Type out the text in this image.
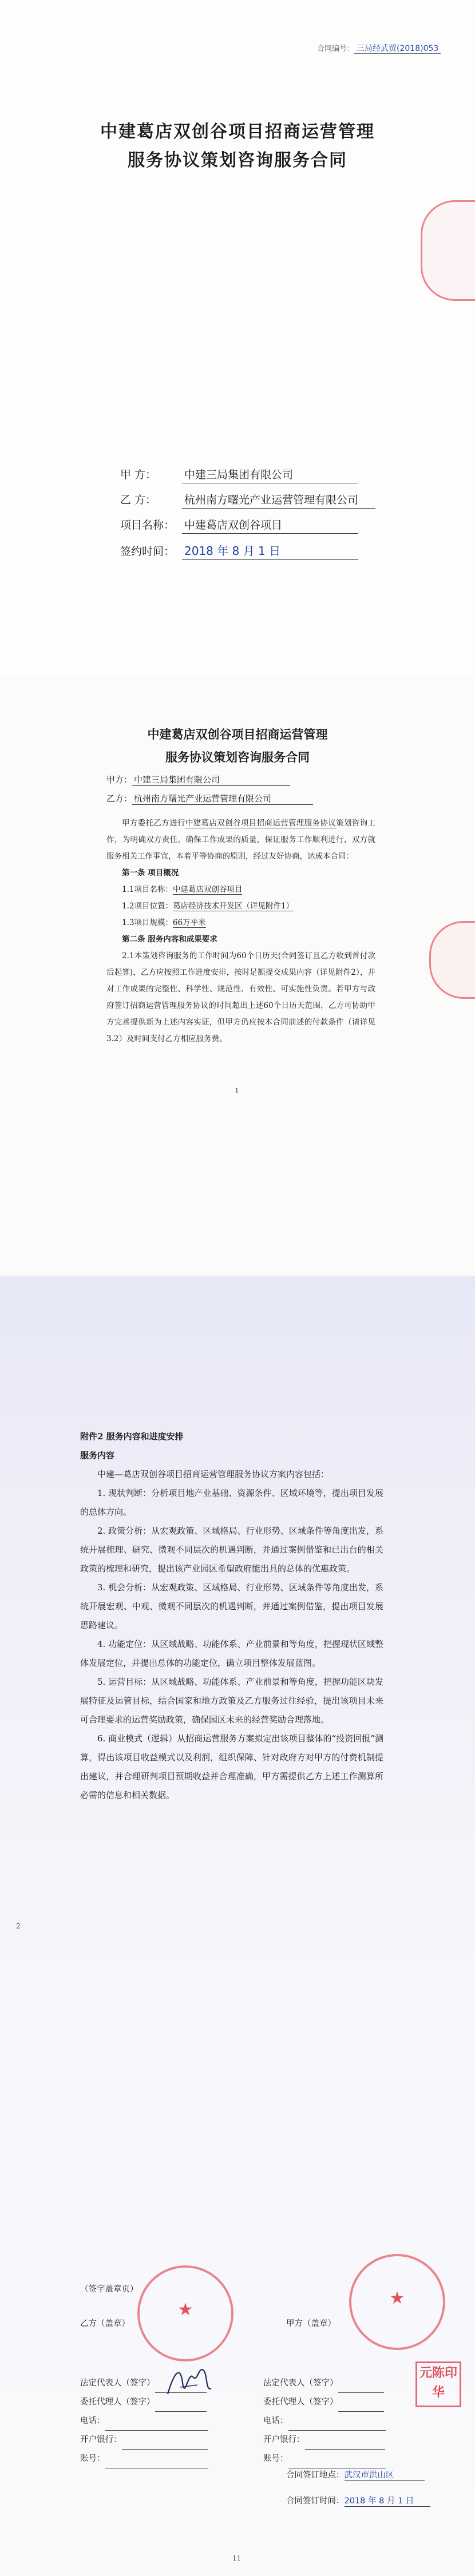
合同编号： 三局经武贸(2018)053
中建葛店双创谷项目招商运营管理
服务协议策划咨询服务合同
甲 方：	中建三局集团有限公司
乙 方：	杭州南方曙光产业运营管理有限公司
项目名称： 中建葛店双创谷项目
签约时间： 2018 年 8 月 1 日
中建葛店双创谷项目招商运营管理
服务协议策划咨询服务合同
甲方： 中建三局集团有限公司
乙方： 杭州南方曙光产业运营管理有限公司

甲方委托乙方进行中建葛店双创谷项目招商运营管理服务协议策划咨询工作，为明确双方责任，确保工作成果的质量，保证服务工作顺利进行，双方就服务相关工作事宜，本着平等协商的原则，经过友好协商，达成本合同：

第一条 项目概况

1.1项目名称：中建葛店双创谷项目

1.2项目位置：葛店经济技术开发区（详见附件1）

1.3项目规模：66万平米

第二条 服务内容和成果要求

2.1本策划咨询服务的工作时间为60个日历天(合同签订且乙方收到首付款后起算)，乙方应按照工作进度安排，按时足额提交成果内容（详见附件2），并对工作成果的完整性、科学性、规范性、有效性、可实施性负责。若甲方与政府签订招商运营管理服务协议的时间超出上述60个日历天范围，乙方可协助甲方完善提供新为上述内容实证，但甲方仍应按本合同前述的付款条件（请详见3.2）及时间支付乙方相应服务费。

1
2

附件2 服务内容和进度安排

服务内容

中建—葛店双创谷项目招商运营管理服务协议方案内容包括：

1. 现状判断：分析项目地产业基础、资源条件、区域环境等，提出项目发展的总体方向。

2. 政策分析：从宏观政策、区域格局、行业形势、区域条件等角度出发，系统开展梳理、研究、微观不同层次的机遇判断，并通过案例借鉴和已出台的相关政策的梳理和研究，提出该产业园区希望政府能出具的总体的优惠政策。

3. 机会分析：从宏观政策、区域格局、行业形势、区域条件等角度出发，系统开展宏观、中观、微观不同层次的机遇判断，并通过案例借鉴，提出项目发展思路建议。

4. 功能定位：从区域战略、功能体系、产业前景和等角度，把握现状区域整体发展定位，并提出总体的功能定位，确立项目整体发展蓝图。

5. 运营目标：从区域战略、功能体系、产业前景和等角度，把握功能区块发展特征及运管目标，结合国家和地方政策及乙方服务过往经验，提出该项目未来可合理要求的运营奖励政策，确保园区未来的经营奖励合理落地。

6. 商业模式（逻辑）从招商运营服务方案拟定出该项目整体的“投资回报”测算，得出该项目收益模式以及利润，组织保障、针对政府方对甲方的付费机制提出建议，并合理研判项目预期收益并合理准确，甲方需提供乙方上述工作测算所必需的信息和相关数据。

（签字盖章页）
★
乙方（盖章）
★
甲方（盖章）
法定代表人（签字）
委托代理人（签字）
电话：
开户银行：
账号：
法定代表人（签字）
委托代理人（签字）
电话：
开户银行：
账号：
元陈印华
合同签订地点：武汉市洪山区
合同签订时间：2018 年 8 月 1 日
11
